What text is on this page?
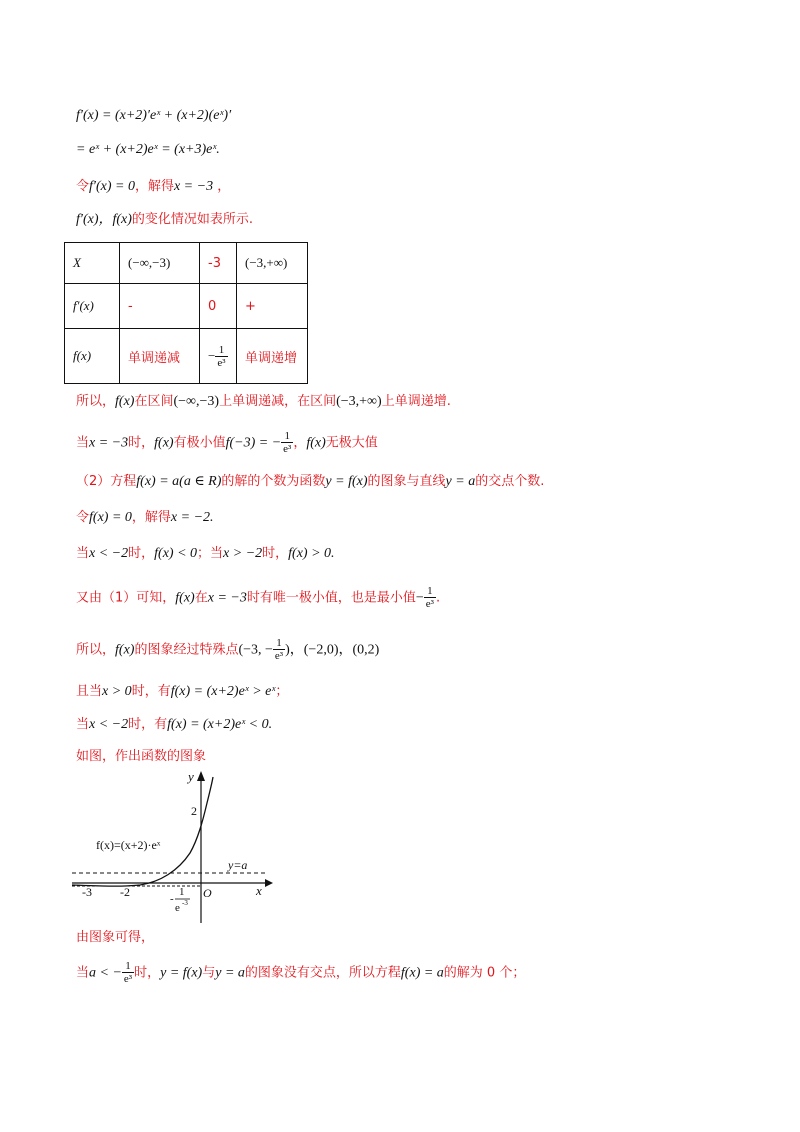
f′(x) = (x+2)′eˣ + (x+2)(eˣ)′
= eˣ + (x+2)eˣ = (x+3)eˣ.
令f′(x) = 0，解得x = −3 ，
f′(x)，f(x)的变化情况如表所示.
X	(−∞,−3)	-3	(−3,+∞)
f′(x)	-	0	+
f(x)	单调递减	− $\frac{1}{\text{e³}}$	单调递增
所以，f(x)在区间(−∞,−3)上单调递减，在区间(−3,+∞)上单调递增.
当x = −3时，f(x)有极小值f(−3) = − $\frac{1}{\text{e³}}$ ，f(x)无极大值
（2）方程f(x) = a(a ∈ R)的解的个数为函数y = f(x)的图象与直线y = a的交点个数.
令f(x) = 0，解得x = −2.
当x < −2时，f(x) < 0；当x > −2时，f(x) > 0.
又由（1）可知，f(x)在x = −3时有唯一极小值，也是最小值− $\frac{1}{\text{e³}}$ .
所以，f(x)的图象经过特殊点(−3, − $\frac{1}{\text{e³}}$ )，(−2,0)，(0,2)
且当x > 0时，有f(x) = (x+2)eˣ > eˣ；
当x < −2时，有f(x) = (x+2)eˣ < 0.
如图，作出函数的图象
y
x
O
2
-3 -2	-
1
e -3
f(x)=(x+2)·eˣ
y=a
由图象可得，
当a < − $\frac{1}{\text{e³}}$ 时，y = f(x)与y = a的图象没有交点，所以方程f(x) = a的解为 0 个；
